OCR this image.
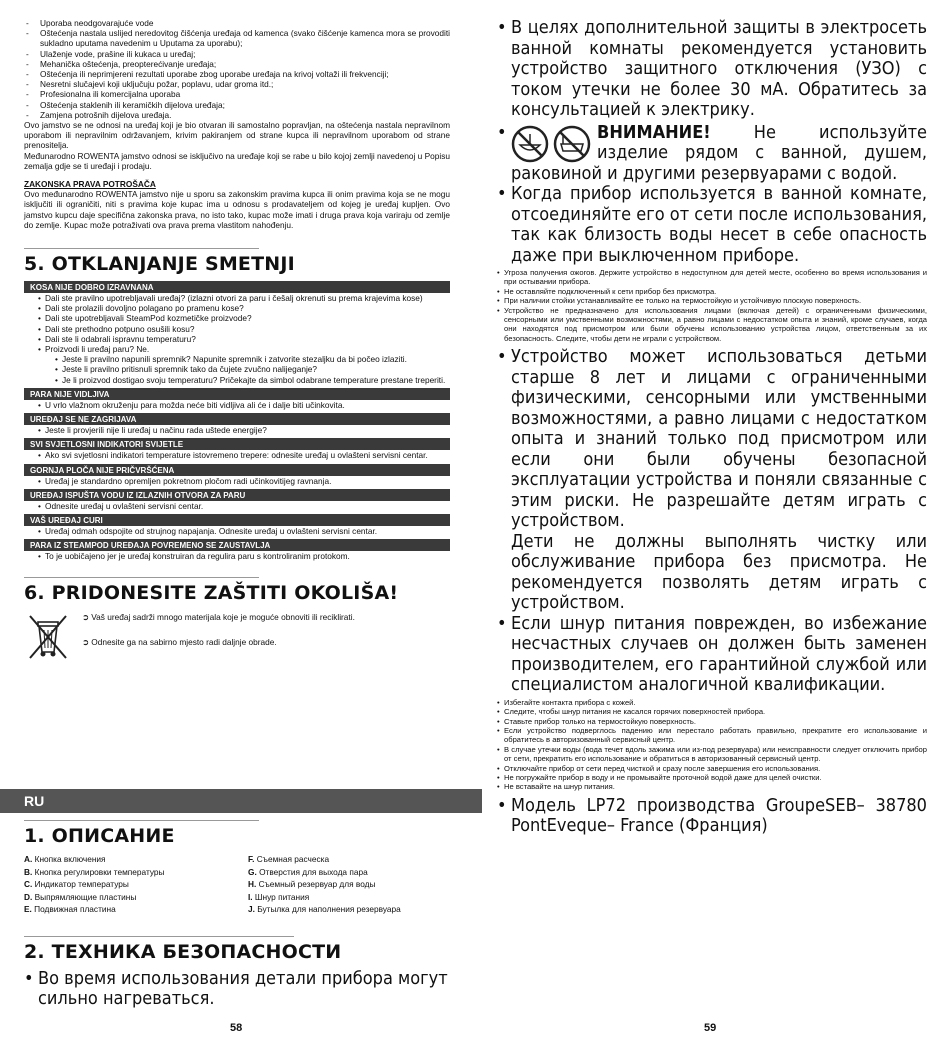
- Uporaba neodgovarajuće vode
- Oštećenja nastala uslijed neredovitog čišćenja uređaja od kamenca (svako čišćenje kamenca mora se provoditi sukladno uputama navedenim u Uputama za uporabu);
- Ulaženje vode, prašine ili kukaca u uređaj;
- Mehanička oštećenja, preopterećivanje uređaja;
- Oštećenja ili neprimjereni rezultati uporabe zbog uporabe uređaja na krivoj voltaži ili frekvenciji;
- Nesretni slučajevi koji uključuju požar, poplavu, udar groma itd.;
- Profesionalna ili komercijalna uporaba
- Oštećenja staklenih ili keramičkih dijelova uređaja;
- Zamjena potrošnih dijelova uređaja.

Ovo jamstvo se ne odnosi na uređaj koji je bio otvaran ili samostalno popravljan, na oštećenja nastala nepravilnom uporabom ili nepravilnim održavanjem, krivim pakiranjem od strane kupca ili nepravilnom uporabom od strane prenositelja.

Međunarodno ROWENTA jamstvo odnosi se isključivo na uređaje koji se rabe u bilo kojoj zemlji navedenoj u Popisu zemalja gdje se ti uređaji i prodaju.

ZAKONSKA PRAVA POTROŠAČA

Ovo međunarodno ROWENTA jamstvo nije u sporu sa zakonskim pravima kupca ili onim pravima koja se ne mogu isključiti ili ograničiti, niti s pravima koje kupac ima u odnosu s prodavateljem od kojeg je uređaj kupljen. Ovo jamstvo kupcu daje specifična zakonska prava, no isto tako, kupac može imati i druga prava koja variraju od zemlje do zemlje. Kupac može potraživati ova prava prema vlastitom nahođenju.

5. OTKLANJANJE SMETNJI
KOSA NIJE DOBRO IZRAVNANA
• Dali ste pravilno upotrebljavali uređaj? (izlazni otvori za paru i češalj okrenuti su prema krajevima kose)
• Dali ste prolazili dovoljno polagano po pramenu kose?
• Dali ste upotrebljavali SteamPod kozmetičke proizvode?
• Dali ste prethodno potpuno osušili kosu?
• Dali ste li odabrali ispravnu temperaturu?
• Proizvodi li uređaj paru? Ne.
• Jeste li pravilno napunili spremnik? Napunite spremnik i zatvorite stezaljku da bi počeo izlaziti.
• Jeste li pravilno pritisnuli spremnik tako da čujete zvučno nalijeganje?
• Je li proizvod dostigao svoju temperaturu? Pričekajte da simbol odabrane temperature prestane treperiti.
PARA NIJE VIDLJIVA
• U vrlo vlažnom okruženju para možda neće biti vidljiva ali će i dalje biti učinkovita.
UREĐAJ SE NE ZAGRIJAVA
• Jeste li provjerili nije li uređaj u načinu rada uštede energije?
SVI SVJETLOSNI INDIKATORI SVIJETLE
• Ako svi svjetlosni indikatori temperature istovremeno trepere: odnesite uređaj u ovlašteni servisni centar.
GORNJA PLOČA NIJE PRIČVRŠĆENA
• Uređaj je standardno opremljen pokretnom pločom radi učinkovitijeg ravnanja.
UREĐAJ ISPUŠTA VODU IZ IZLAZNIH OTVORA ZA PARU
• Odnesite uređaj u ovlašteni servisni centar.
VAŠ UREĐAJ CURI
• Uređaj odmah odspojite od strujnog napajanja. Odnesite uređaj u ovlašteni servisni centar.
PARA IZ STEAMPOD UREĐAJA POVREMENO SE ZAUSTAVLJA
• To je uobičajeno jer je uređaj konstruiran da regulira paru s kontroliranim protokom.
6. PRIDONESITE ZAŠTITI OKOLIŠA!

➲ Vaš uređaj sadrži mnogo materijala koje je moguće obnoviti ili reciklirati.

➲ Odnesite ga na sabirno mjesto radi daljnje obrade.

RU
1. ОПИСАНИЕ
A. Кнопка включения
B. Кнопка регулировки температуры
C. Индикатор температуры
D. Выпрямляющие пластины
E. Подвижная пластина
F. Съемная расческа
G. Отверстия для выхода пара
H. Съемный резервуар для воды
I. Шнур питания
J. Бутылка для наполнения резервуара
2. ТЕХНИКА БЕЗОПАСНОСТИ

• Во время использования детали прибора могут сильно нагреваться.

58

• В целях дополнительной защиты в электросеть ванной комнаты рекомендуется установить устройство защитного отключения (УЗО) с током утечки не более 30 мА. Обратитесь за консультацией к электрику.

• ВНИМАНИЕ! Не используйте изделие рядом с ванной, душем, раковиной и другими резервуарами с водой.

• Когда прибор используется в ванной комнате, отсоединяйте его от сети после использования, так как близость воды несет в себе опасность даже при выключенном приборе.

• Угроза получения ожогов. Держите устройство в недоступном для детей месте, особенно во время использования и при остывании прибора.
• Не оставляйте подключенный к сети прибор без присмотра.
• При наличии стойки устанавливайте ее только на термостойкую и устойчивую плоскую поверхность.
• Устройство не предназначено для использования лицами (включая детей) с ограниченными физическими, сенсорными или умственными возможностями, а равно лицами с недостатком опыта и знаний, кроме случаев, когда они находятся под присмотром или были обучены использованию устройства лицом, ответственным за их безопасность. Следите, чтобы дети не играли с устройством.

• Устройство может использоваться детьми старше 8 лет и лицами с ограниченными физическими, сенсорными или умственными возможностями, а равно лицами с недостатком опыта и знаний только под присмотром или если они были обучены безопасной эксплуатации устройства и поняли связанные с этим риски. Не разрешайте детям играть с устройством.

Дети не должны выполнять чистку или обслуживание прибора без присмотра. Не рекомендуется позволять детям играть с устройством.

• Если шнур питания поврежден, во избежание несчастных случаев он должен быть заменен производителем, его гарантийной службой или специалистом аналогичной квалификации.

• Избегайте контакта прибора с кожей.
• Следите, чтобы шнур питания не касался горячих поверхностей прибора.
• Ставьте прибор только на термостойкую поверхность.
• Если устройство подверглось падению или перестало работать правильно, прекратите его использование и обратитесь в авторизованный сервисный центр.
• В случае утечки воды (вода течет вдоль зажима или из-под резервуара) или неисправности следует отключить прибор от сети, прекратить его использование и обратиться в авторизованный сервисный центр.
• Отключайте прибор от сети перед чисткой и сразу после завершения его использования.
• Не погружайте прибор в воду и не промывайте проточной водой даже для целей очистки.
• Не вставайте на шнур питания.

• Модель LP72 производства GroupeSEB– 38780 PontEveque– France (Франция)

59
